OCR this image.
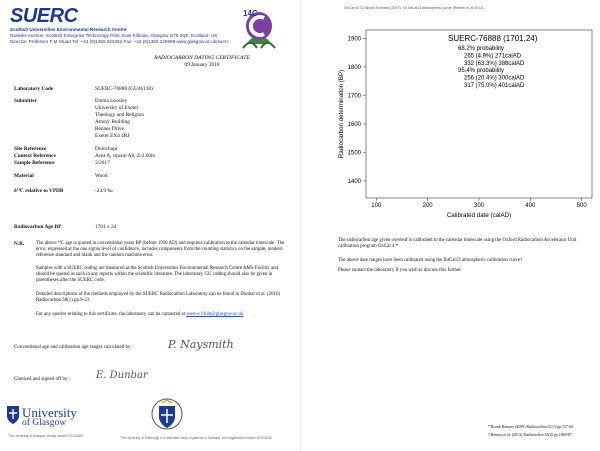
SUERC
Scottish Universities Environmental Research Centre
Rankine Avenue, Scottish Enterprise Technology Park, East Kilbride, Glasgow G75 0QF, Scotland, UK
Director: Professor F M Stuart Tel: +44 (0)1355 223332 Fax: +44 (0)1355 229898 www.glasgow.ac.uk/suerc
14C
RADIOCARBON DATING CERTIFICATE
09 January 2018
Laboratory Code	SUERC-76888 (GU46138)
Submitter	Emma Loosley
University of Exeter
Theology and Religion
Amory Building
Rennes Drive
Exeter EX4 4RJ
Site Reference	Dolochopi
Context Reference	Area A, square A8, Z-2.60m
Sample Reference	3/2017
Material	Wood
δ¹³C relative to VPDB	-24.9 ‰
Radiocarbon Age BP	1701 ± 24
N.B. The above ¹⁴C age is quoted in conventional years BP (before 1950 AD) and requires calibration to the calendar timescale. The error, expressed at the one sigma level of confidence, includes components from the counting statistics on the sample, modern reference standard and blank and the random machine error.
Samples with a SUERC coding are measured at the Scottish Universities Environmental Research Centre AMS Facility and should be quoted as such in any reports within the scientific literature. The laboratory GU coding should also be given in parentheses after the SUERC code.
Detailed descriptions of the methods employed by the SUERC Radiocarbon Laboratory can be found in Dunbar et al. (2016) Radiocarbon 58(1) pp.9-23
For any queries relating to this certificate, the laboratory can be contacted at suerc-c14lab@glasgow.ac.uk
Conventional age and calibration age ranges calculated by :	P. Naysmith
Checked and signed off by :	E. Dunbar
University
of Glasgow
The University of Glasgow, charity number SC004401	The University of Edinburgh is a charitable body, registered in Scotland, with registration number SC005336
OxCal v4.3.2 Bronk Ramsey (2017); r:5 IntCal13 atmospheric curve (Reimer et al 2013)
100	200	300	400	500
1400
1500
1600
1700
1800
1900
Calibrated date (calAD)
Radiocarbon determination (BP)
SUERC-76888 (1701,24)
68.2% probability
265 (4.9%) 271calAD
332 (63.3%) 388calAD
95.4% probability
256 (20.4%) 300calAD
317 (75.0%) 401calAD
The radiocarbon age given overleaf is calibrated to the calendar timescale using the Oxford Radiocarbon Accelerator Unit calibration program OxCal 4.*
The above date ranges have been calibrated using the IntCal13 atmospheric calibration curve†
Please contact the laboratory if you wish to discuss this further.
* Bronk Ramsey (2009) Radiocarbon 51(1) pp.337-60
† Reimer et al. (2013) Radiocarbon 55(4) pp.1869-87
